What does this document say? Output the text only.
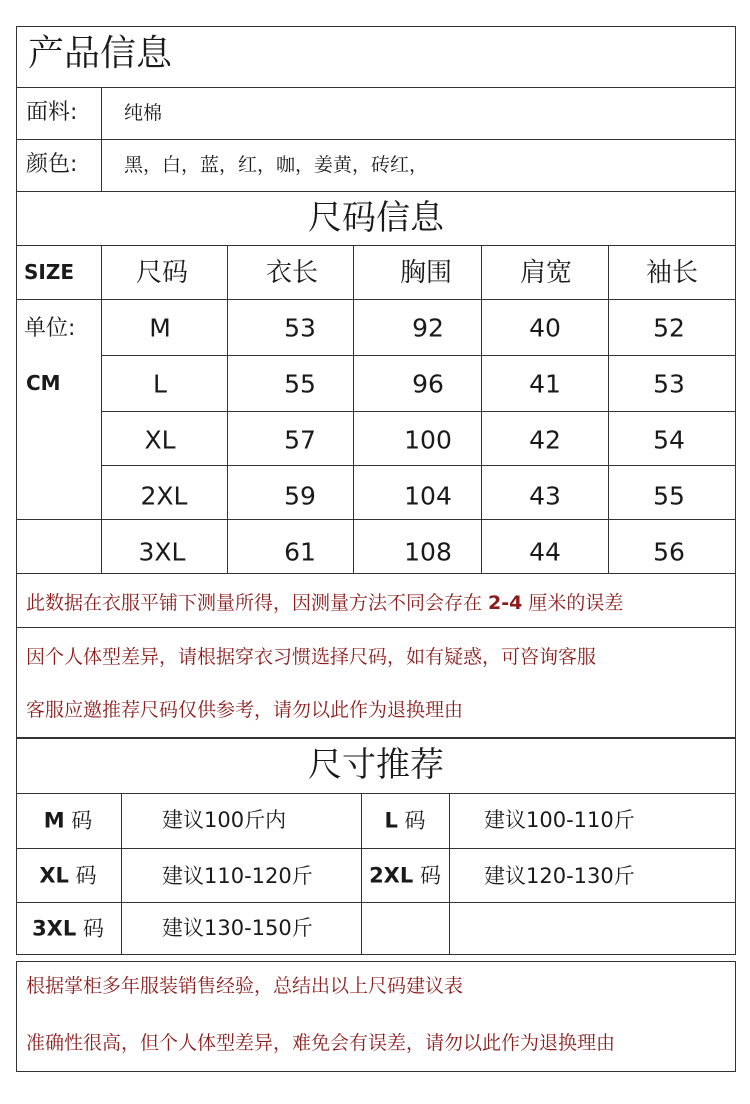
产品信息
面料: 纯棉
颜色: 黑，白，蓝，红，咖，姜黄，砖红，
尺码信息
SIZE 尺码	衣长	胸围	肩宽	袖长
单位:
CM
M	53	92	40	52
L	55	96	41	53
XL	57	100	42	54
2XL	59	104	43	55
3XL	61	108	44	56
此数据在衣服平铺下测量所得，因测量方法不同会存在 2-4 厘米的误差
因个人体型差异，请根据穿衣习惯选择尺码，如有疑惑，可咨询客服
客服应邀推荐尺码仅供参考，请勿以此作为退换理由
尺寸推荐
M 码	建议100斤内	L 码	建议100-110斤
XL 码	建议110-120斤	2XL 码 建议120-130斤
3XL 码	建议130-150斤
根据掌柜多年服装销售经验，总结出以上尺码建议表
准确性很高，但个人体型差异，难免会有误差，请勿以此作为退换理由
